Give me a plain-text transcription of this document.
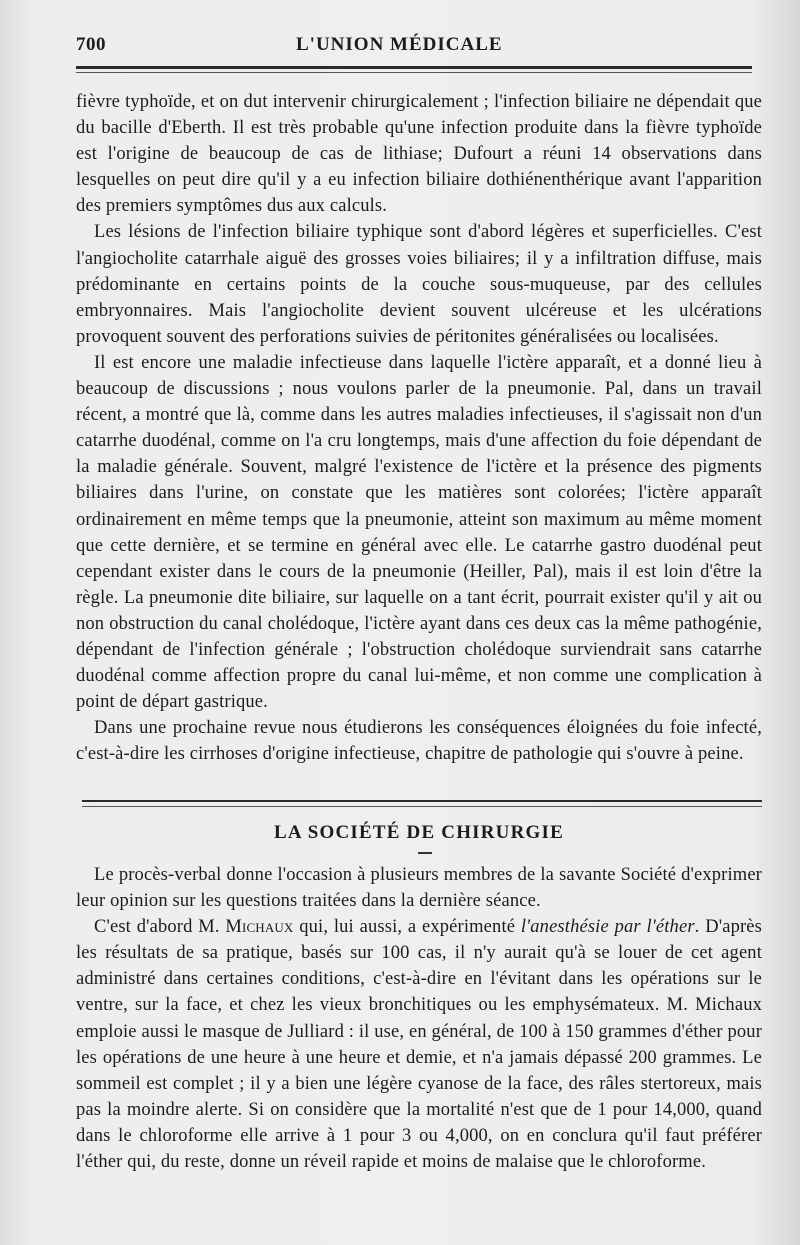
700	L'UNION MÉDICALE

fièvre typhoïde, et on dut intervenir chirurgicalement ; l'infection biliaire ne dépendait que du bacille d'Eberth. Il est très probable qu'une infection produite dans la fièvre typhoïde est l'origine de beaucoup de cas de lithiase; Dufourt a réuni 14 observations dans lesquelles on peut dire qu'il y a eu infection biliaire dothiénenthérique avant l'apparition des premiers symptômes dus aux calculs.

Les lésions de l'infection biliaire typhique sont d'abord légères et superficielles. C'est l'angiocholite catarrhale aiguë des grosses voies biliaires; il y a infiltration diffuse, mais prédominante en certains points de la couche sous-muqueuse, par des cellules embryonnaires. Mais l'angiocholite devient souvent ulcéreuse et les ulcérations provoquent souvent des perforations suivies de péritonites généralisées ou localisées.

Il est encore une maladie infectieuse dans laquelle l'ictère apparaît, et a donné lieu à beaucoup de discussions ; nous voulons parler de la pneumonie. Pal, dans un travail récent, a montré que là, comme dans les autres maladies infectieuses, il s'agissait non d'un catarrhe duodénal, comme on l'a cru longtemps, mais d'une affection du foie dépendant de la maladie générale. Souvent, malgré l'existence de l'ictère et la présence des pigments biliaires dans l'urine, on constate que les matières sont colorées; l'ictère apparaît ordinairement en même temps que la pneumonie, atteint son maximum au même moment que cette dernière, et se termine en général avec elle. Le catarrhe gastro duodénal peut cependant exister dans le cours de la pneumonie (Heiller, Pal), mais il est loin d'être la règle. La pneumonie dite biliaire, sur laquelle on a tant écrit, pourrait exister qu'il y ait ou non obstruction du canal cholédoque, l'ictère ayant dans ces deux cas la même pathogénie, dépendant de l'infection générale ; l'obstruction cholédoque surviendrait sans catarrhe duodénal comme affection propre du canal lui-même, et non comme une complication à point de départ gastrique.

Dans une prochaine revue nous étudierons les conséquences éloignées du foie infecté, c'est-à-dire les cirrhoses d'origine infectieuse, chapitre de pathologie qui s'ouvre à peine.

LA SOCIÉTÉ DE CHIRURGIE

Le procès-verbal donne l'occasion à plusieurs membres de la savante Société d'exprimer leur opinion sur les questions traitées dans la dernière séance.

C'est d'abord M. Michaux qui, lui aussi, a expérimenté l'anesthésie par l'éther. D'après les résultats de sa pratique, basés sur 100 cas, il n'y aurait qu'à se louer de cet agent administré dans certaines conditions, c'est-à-dire en l'évitant dans les opérations sur le ventre, sur la face, et chez les vieux bronchitiques ou les emphysémateux. M. Michaux emploie aussi le masque de Julliard : il use, en général, de 100 à 150 grammes d'éther pour les opérations de une heure à une heure et demie, et n'a jamais dépassé 200 grammes. Le sommeil est complet ; il y a bien une légère cyanose de la face, des râles stertoreux, mais pas la moindre alerte. Si on considère que la mortalité n'est que de 1 pour 14,000, quand dans le chloroforme elle arrive à 1 pour 3 ou 4,000, on en conclura qu'il faut préférer l'éther qui, du reste, donne un réveil rapide et moins de malaise que le chloroforme.
